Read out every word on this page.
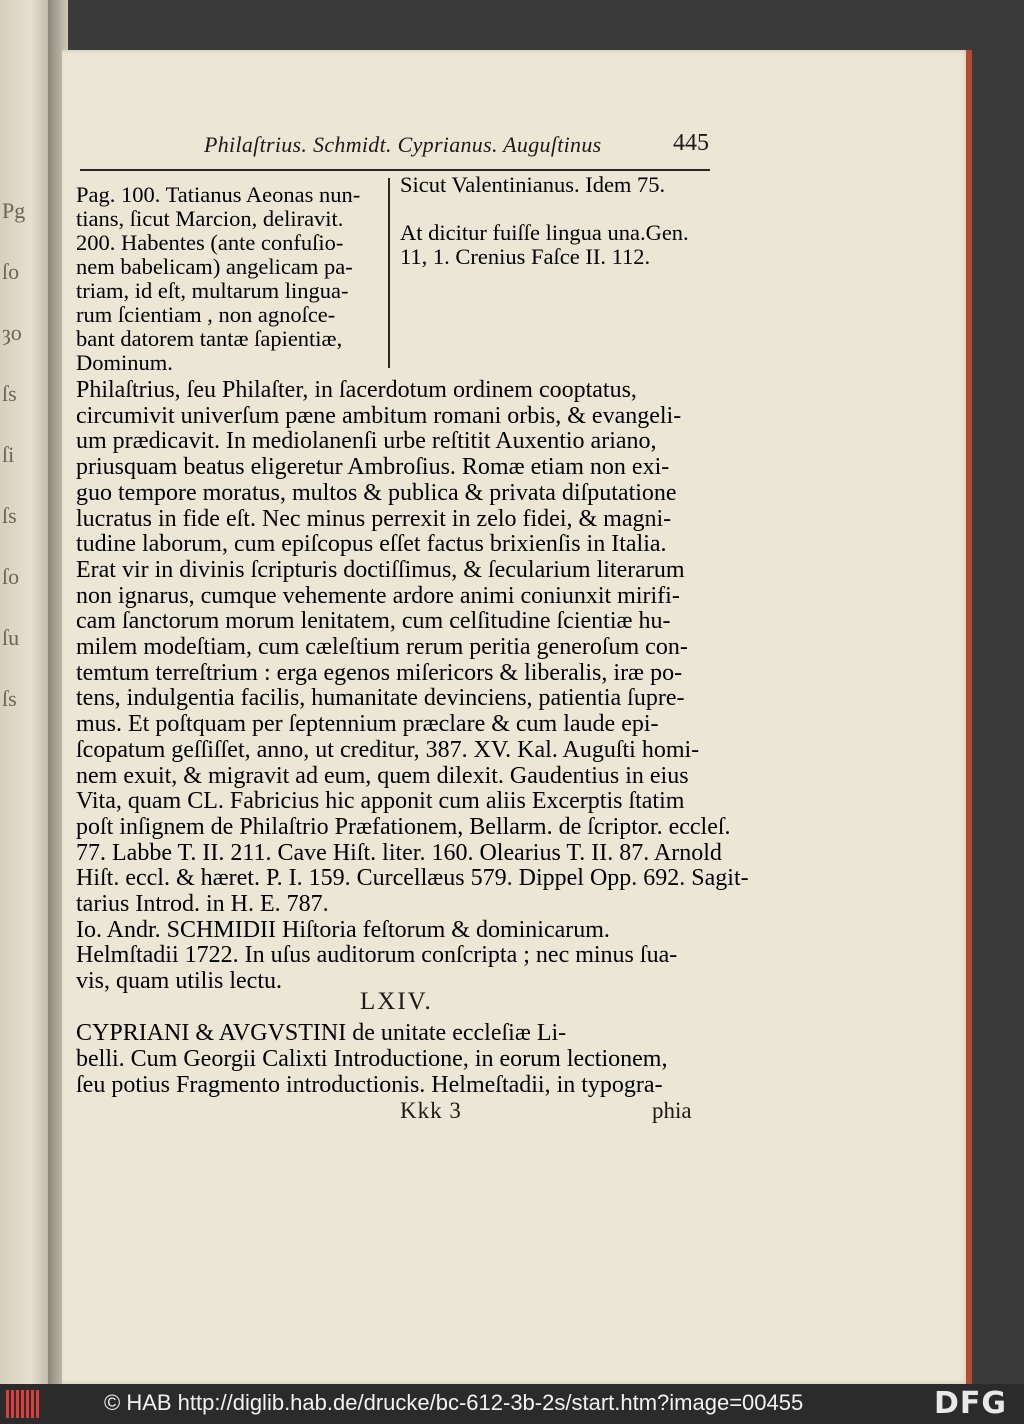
Pg
ſo
ȝo
ſs
ſi
ſs
ſo
ſu
ſs
Philaſtrius. Schmidt. Cyprianus. Auguſtinus	445
Pag. 100. Tatianus Aeonas nun-
tians, ſicut Marcion, deliravit.
200. Habentes (ante confuſio-
nem babelicam) angelicam pa-
triam, id eſt, multarum lingua-
rum ſcientiam , non agnoſce-
bant datorem tantæ ſapientiæ,
Dominum.
Sicut Valentinianus. Idem 75.

At dicitur fuiſſe lingua una.Gen.
11, 1. Crenius Faſce II. 112.
Philaſtrius, ſeu Philaſter, in ſacerdotum ordinem cooptatus,
circumivit univerſum pæne ambitum romani orbis, & evangeli-
um prædicavit. In mediolanenſi urbe reſtitit Auxentio ariano,
priusquam beatus eligeretur Ambroſius. Romæ etiam non exi-
guo tempore moratus, multos & publica & privata diſputatione
lucratus in fide eſt. Nec minus perrexit in zelo fidei, & magni-
tudine laborum, cum epiſcopus eſſet factus brixienſis in Italia.
Erat vir in divinis ſcripturis doctiſſimus, & ſecularium literarum
non ignarus, cumque vehemente ardore animi coniunxit mirifi-
cam ſanctorum morum lenitatem, cum celſitudine ſcientiæ hu-
milem modeſtiam, cum cæleſtium rerum peritia generoſum con-
temtum terreſtrium : erga egenos miſericors & liberalis, iræ po-
tens, indulgentia facilis, humanitate devinciens, patientia ſupre-
mus. Et poſtquam per ſeptennium præclare & cum laude epi-
ſcopatum geſſiſſet, anno, ut creditur, 387. XV. Kal. Auguſti homi-
nem exuit, & migravit ad eum, quem dilexit. Gaudentius in eius
Vita, quam CL. Fabricius hic apponit cum aliis Excerptis ſtatim
poſt inſignem de Philaſtrio Præfationem, Bellarm. de ſcriptor. eccleſ.
77. Labbe T. II. 211. Cave Hiſt. liter. 160. Olearius T. II. 87. Arnold
Hiſt. eccl. & hæret. P. I. 159. Curcellæus 579. Dippel Opp. 692. Sagit-
tarius Introd. in H. E. 787.
Io. Andr. SCHMIDII Hiſtoria feſtorum & dominicarum.
Helmſtadii 1722. In uſus auditorum conſcripta ; nec minus ſua-
vis, quam utilis lectu.
LXIV.
CYPRIANI & AVGVSTINI de unitate eccleſiæ Li-
belli. Cum Georgii Calixti Introductione, in eorum lectionem,
ſeu potius Fragmento introductionis. Helmeſtadii, in typogra-
Kkk 3	phia
© HAB http://diglib.hab.de/drucke/bc-612-3b-2s/start.htm?image=00455	DFG
